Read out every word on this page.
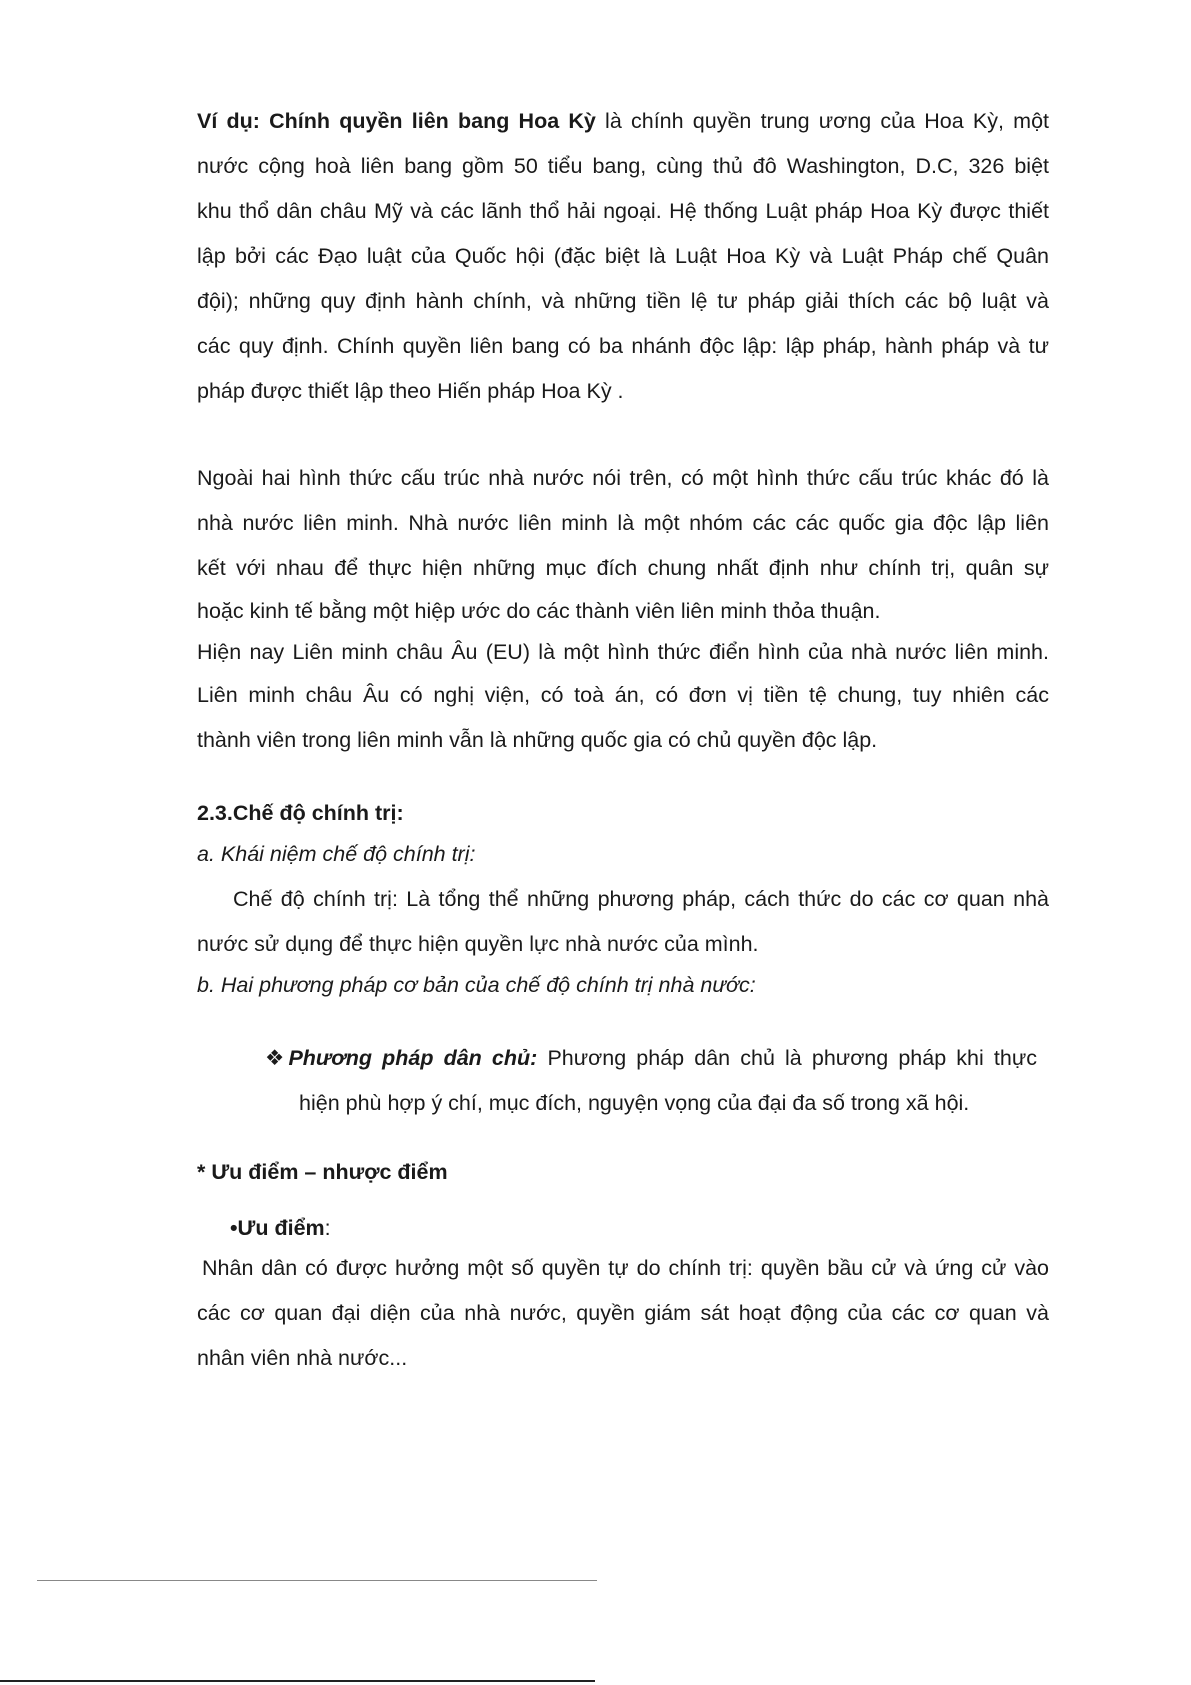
Ví dụ: Chính quyền liên bang Hoa Kỳ là chính quyền trung ương của Hoa Kỳ, một
nước cộng hoà liên bang gồm 50 tiểu bang, cùng thủ đô Washington, D.C, 326 biệt
khu thổ dân châu Mỹ và các lãnh thổ hải ngoại. Hệ thống Luật pháp Hoa Kỳ được thiết
lập bởi các Đạo luật của Quốc hội (đặc biệt là Luật Hoa Kỳ và Luật Pháp chế Quân
đội); những quy định hành chính, và những tiền lệ tư pháp giải thích các bộ luật và
các quy định. Chính quyền liên bang có ba nhánh độc lập: lập pháp, hành pháp và tư
pháp được thiết lập theo Hiến pháp Hoa Kỳ .
Ngoài hai hình thức cấu trúc nhà nước nói trên, có một hình thức cấu trúc khác đó là
nhà nước liên minh. Nhà nước liên minh là một nhóm các các quốc gia độc lập liên
kết với nhau để thực hiện những mục đích chung nhất định như chính trị, quân sự
hoặc kinh tế bằng một hiệp ước do các thành viên liên minh thỏa thuận.
Hiện nay Liên minh châu Âu (EU) là một hình thức điển hình của nhà nước liên minh.
Liên minh châu Âu có nghị viện, có toà án, có đơn vị tiền tệ chung, tuy nhiên các
thành viên trong liên minh vẫn là những quốc gia có chủ quyền độc lập.
2.3.Chế độ chính trị:
a. Khái niệm chế độ chính trị:
Chế độ chính trị: Là tổng thể những phương pháp, cách thức do các cơ quan nhà
nước sử dụng để thực hiện quyền lực nhà nước của mình.
b. Hai phương pháp cơ bản của chế độ chính trị nhà nước:
❖Phương pháp dân chủ: Phương pháp dân chủ là phương pháp khi thực
hiện phù hợp ý chí, mục đích, nguyện vọng của đại đa số trong xã hội.
* Ưu điểm – nhược điểm
•Ưu điểm:
Nhân dân có được hưởng một số quyền tự do chính trị: quyền bầu cử và ứng cử vào
các cơ quan đại diện của nhà nước, quyền giám sát hoạt động của các cơ quan và
nhân viên nhà nước...
